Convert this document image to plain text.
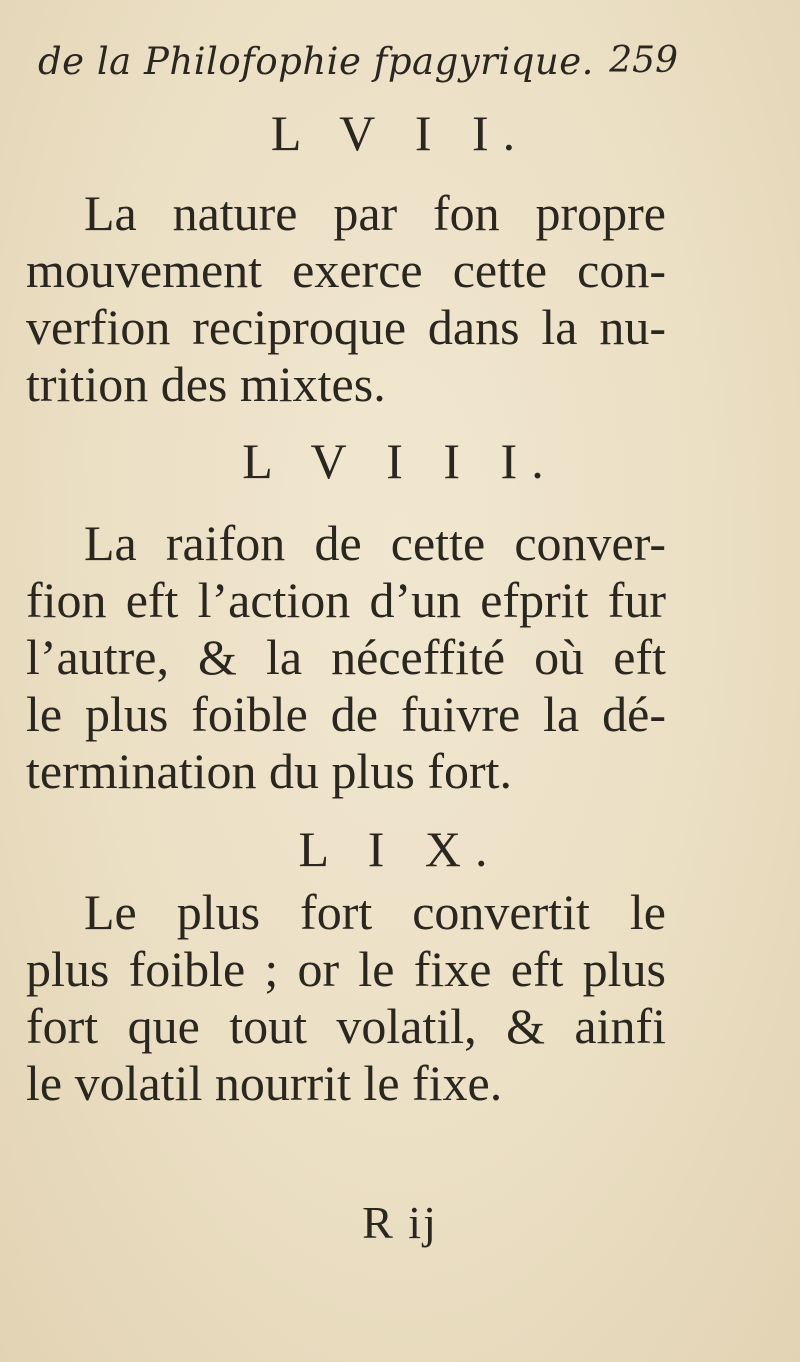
de la Philofophie fpagyrique. 259
L V I I.
La nature par fon propre
mouvement exerce cette con-
verfion reciproque dans la nu-
trition des mixtes.
L V I I I.
La raifon de cette conver-
fion eft l’action d’un efprit fur
l’autre, & la néceffité où eft
le plus foible de fuivre la dé-
termination du plus fort.
L I X.
Le plus fort convertit le
plus foible ; or le fixe eft plus
fort que tout volatil, & ainfi
le volatil nourrit le fixe.
R ij
